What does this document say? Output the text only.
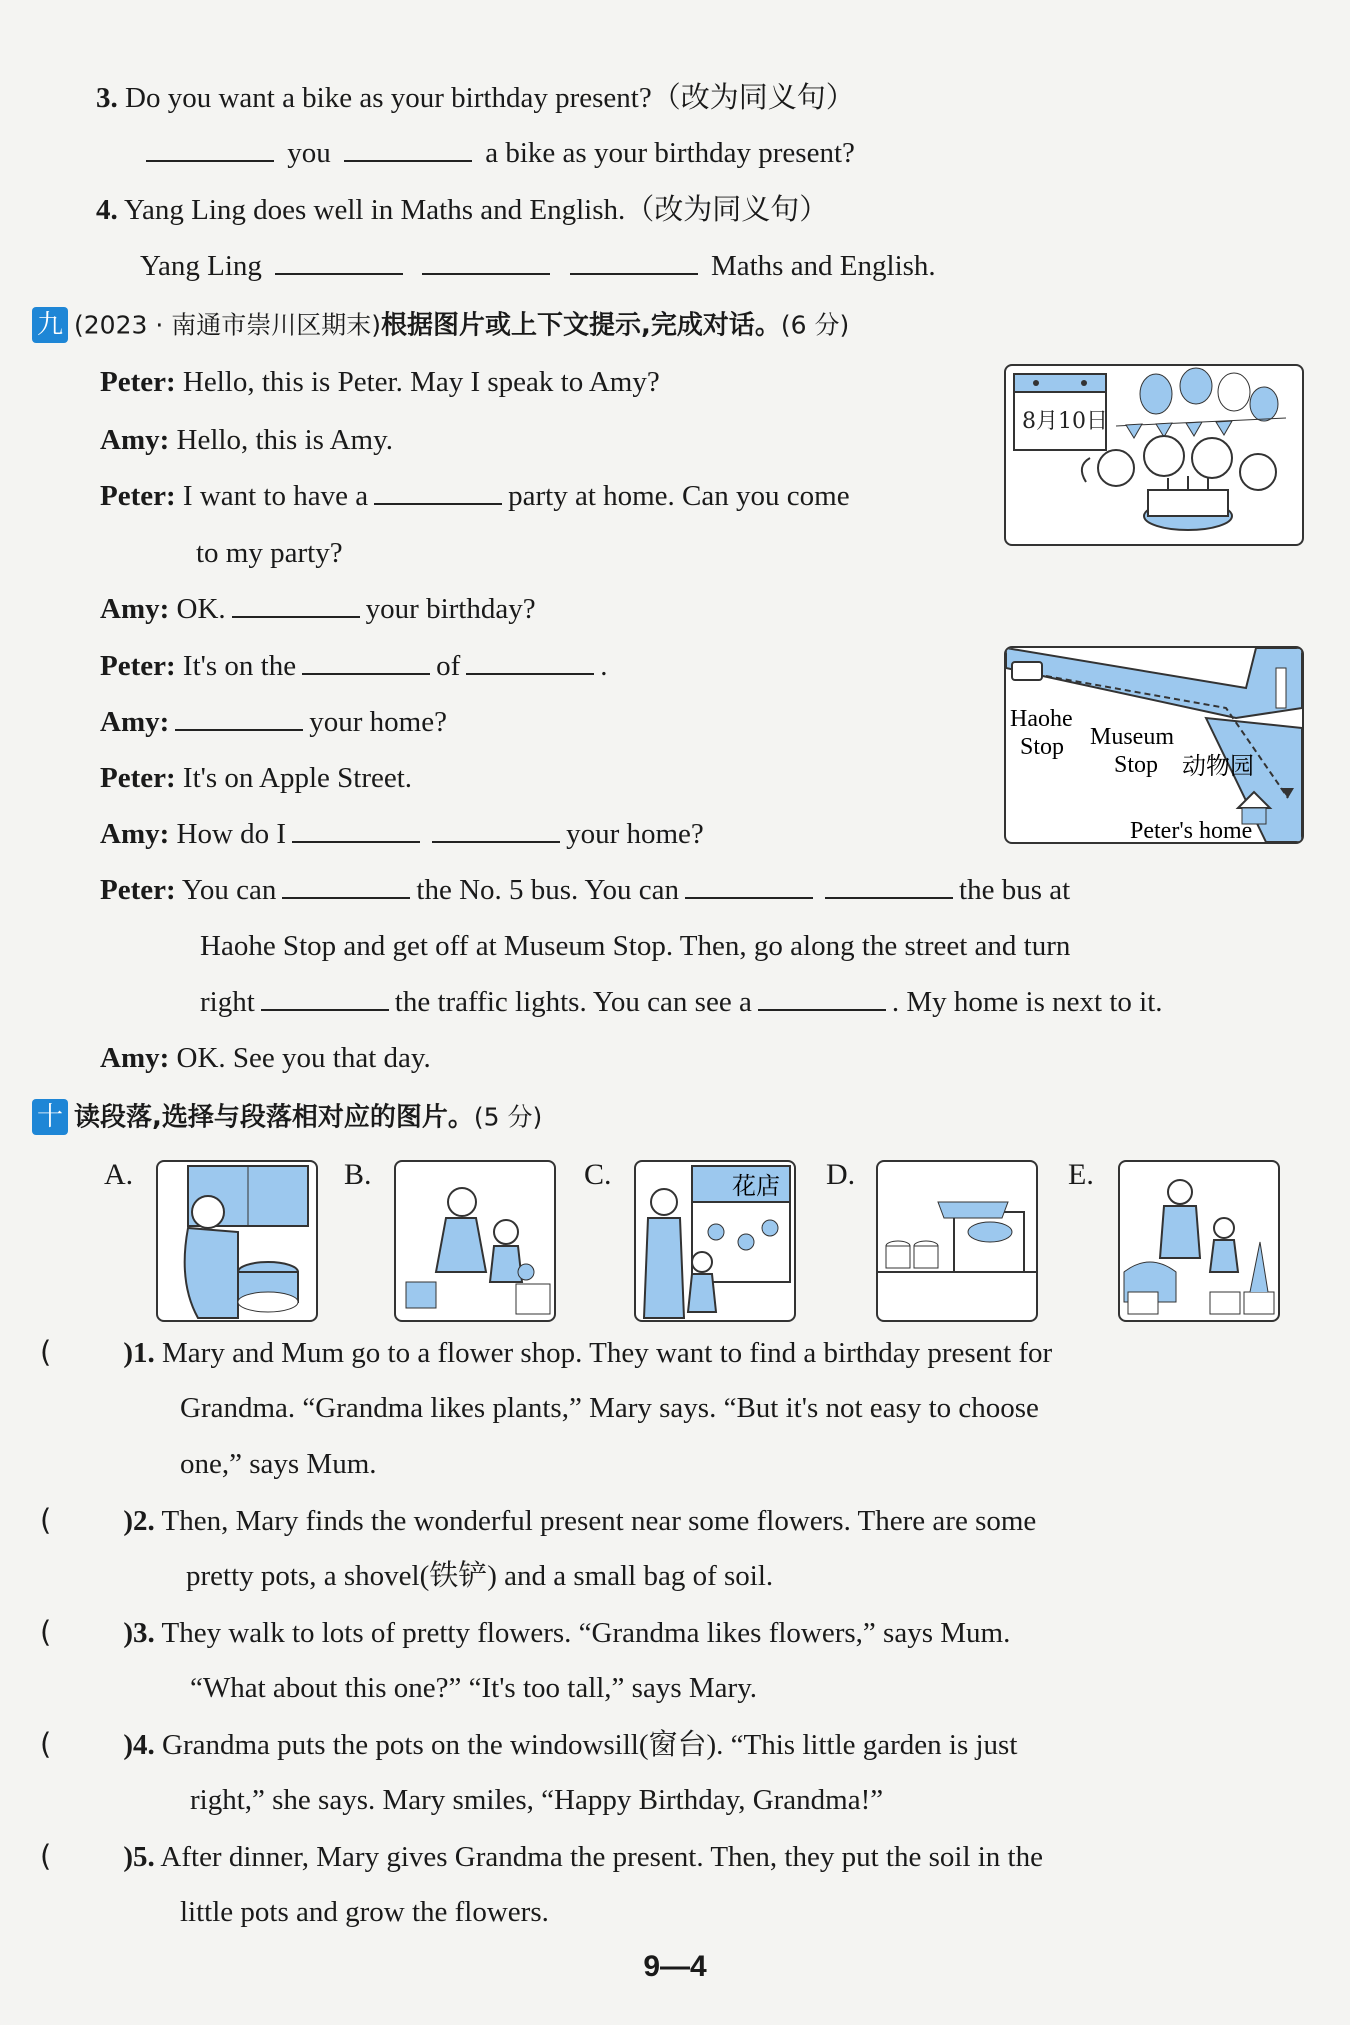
3. Do you want a bike as your birthday present?（改为同义句）
you	a bike as your birthday present?
4. Yang Ling does well in Maths and English.（改为同义句）
Yang Ling	Maths and English.
九 (2023 · 南通市崇川区期末)根据图片或上下文提示,完成对话。(6 分)
Peter: Hello, this is Peter. May I speak to Amy?
Amy: Hello, this is Amy.
Peter: I want to have a	party at home. Can you come
to my party?
Amy: OK.	your birthday?
Peter: It's on the	of	.
Amy:	your home?
Peter: It's on Apple Street.
Amy: How do I	your home?
Peter: You can	the No. 5 bus. You can	the bus at
Haohe Stop and get off at Museum Stop. Then, go along the street and turn
right	the traffic lights. You can see a	. My home is next to it.
Amy: OK. See you that day.
8月10日
Haohe
Stop Museum
Stop 动物园
Peter's home
十 读段落,选择与段落相对应的图片。(5 分)
A.	B.	C.	花店 D.	E.
( )1. Mary and Mum go to a flower shop. They want to find a birthday present for
Grandma. “Grandma likes plants,” Mary says. “But it's not easy to choose
one,” says Mum.
( )2. Then, Mary finds the wonderful present near some flowers. There are some
pretty pots, a shovel(铁铲) and a small bag of soil.
( )3. They walk to lots of pretty flowers. “Grandma likes flowers,” says Mum.
“What about this one?” “It's too tall,” says Mary.
( )4. Grandma puts the pots on the windowsill(窗台). “This little garden is just
right,” she says. Mary smiles, “Happy Birthday, Grandma!”
( )5. After dinner, Mary gives Grandma the present. Then, they put the soil in the
little pots and grow the flowers.
9—4
